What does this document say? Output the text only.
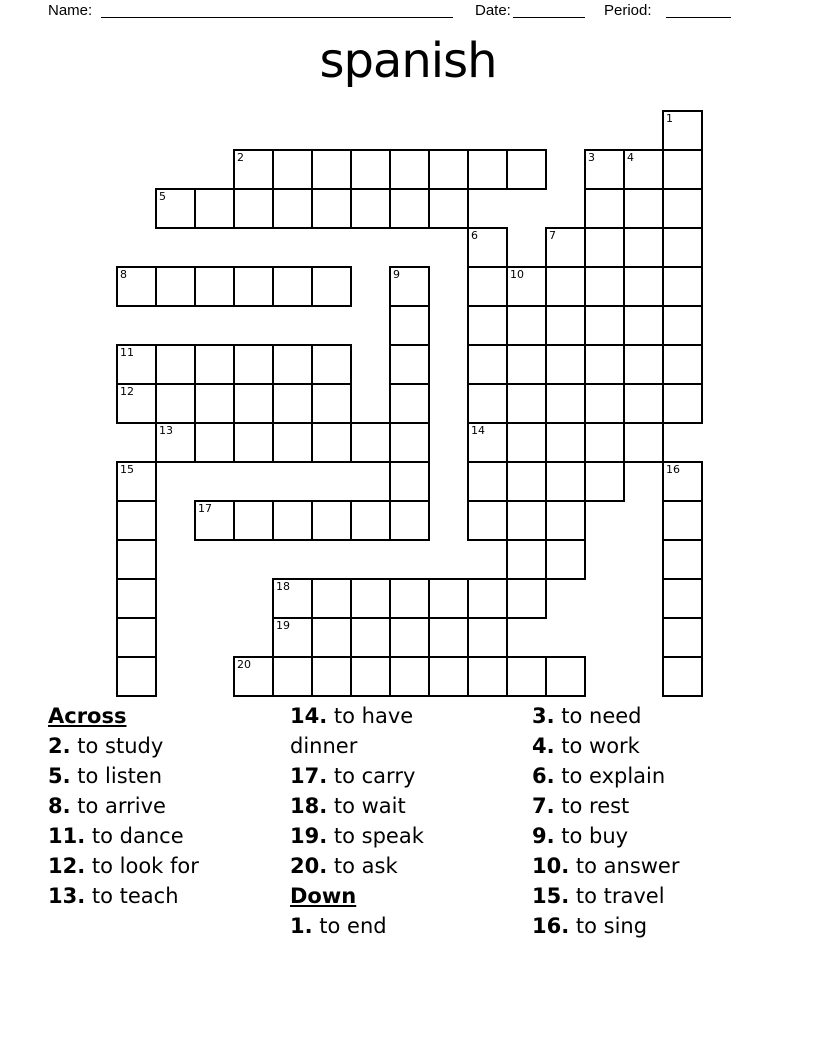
Name:	Date:	Period:
spanish
1
2	3	4
5
6	7
8	9	10
11
12
13	14
15	16
17
18
19
20
Across
2. to study
5. to listen
8. to arrive
11. to dance
12. to look for
13. to teach
14. to have dinner
17. to carry
18. to wait
19. to speak
20. to ask
Down
1. to end
3. to need
4. to work
6. to explain
7. to rest
9. to buy
10. to answer
15. to travel
16. to sing
